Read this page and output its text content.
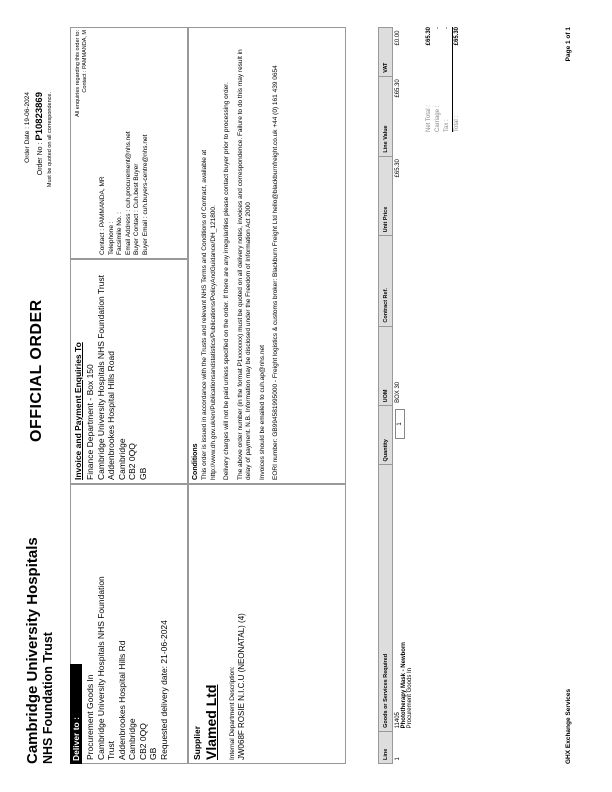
Cambridge University Hospitals NHS Foundation Trust
OFFICIAL ORDER
Order Date : 19-06-2024
Order No : P10823869 Must be quoted on all correspondence.
Deliver to : Procurement Goods In Cambridge University Hospitals NHS Foundation Trust Addenbrookes Hospital Hills Rd Cambridge CB2 0QQ GB Requested delivery date: 21-06-2024
Invoice and Payment Enquiries To Finance Department - Box 150 Cambridge University Hospitals NHS Foundation Trust Addenbrookes Hospital Hills Road Cambridge CB2 0QQ GB
All enquiries regarding this order to: Contact : PAMMANDA, M
Contact : PAMMANDA, MR Telephone : Facsimile No. : Email Address : cuh.procurement@nhs.net Buyer Contact : Cuh.best Buyer Buyer Email : cuh.buyers-centre@nhs.net
Supplier Vlamed Ltd Internal Department Description: JW068F ROSIE N.I.C.U (NEONATAL) (4)
Conditions This order is issued in accordance with the Trusts and relevant NHS Terms and Conditions of Contract, available at http://www.dh.gov.uk/en/Publicationsandstatistics/Publications/PolicyAndGuidance/DH_121800. Delivery charges will not be paid unless specified on the order. If there are any irregularities please contact buyer prior to processing order. The above order number (in the format P1xxxxxxx) must be quoted on all delivery notes, invoices and correspondence. Failure to do this may result in delay of payment. N.B. Information may be disclosed under the Freedom of Information Act 2000 Invoices should be emailed to cuh.ap@nhs.net EORI number: GB994581995000 - Freight logistics & customs broker: Blackburn Freight Ltd hello@blackburnfreight.co.uk +44 (0) 161 439 0654
Line	Goods or Services Required	Quantity	UOM	Contract Ref.	Unit Price	Line Value	VAT
1	11405 Phototherapy Mask - Newborn Procurement Goods In	1	BOX 30		£65.30	£65.30	£0.00
Net Total :
£65.30
Carriage :
-
Tax :
-
Total :
£65.30
GHX Exchange Services
Page 1 of 1
